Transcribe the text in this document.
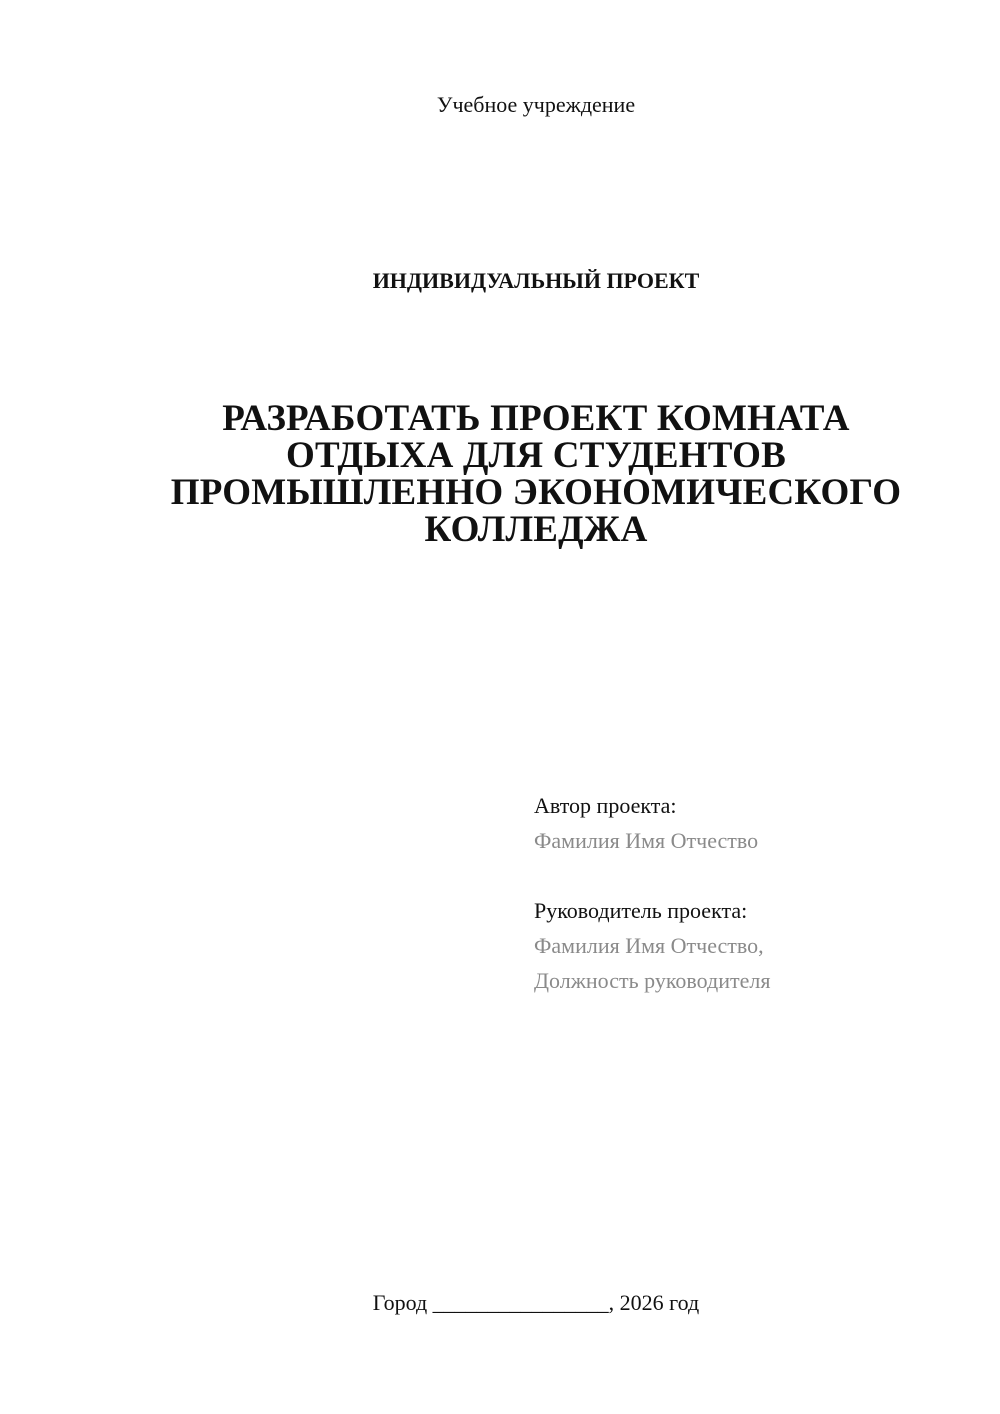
Учебное учреждение
ИНДИВИДУАЛЬНЫЙ ПРОЕКТ
РАЗРАБОТАТЬ ПРОЕКТ КОМНАТА
ОТДЫХА ДЛЯ СТУДЕНТОВ
ПРОМЫШЛЕННО ЭКОНОМИЧЕСКОГО
КОЛЛЕДЖА
Автор проекта:
Фамилия Имя Отчество
Руководитель проекта:
Фамилия Имя Отчество,
Должность руководителя
Город ________________, 2026 год
